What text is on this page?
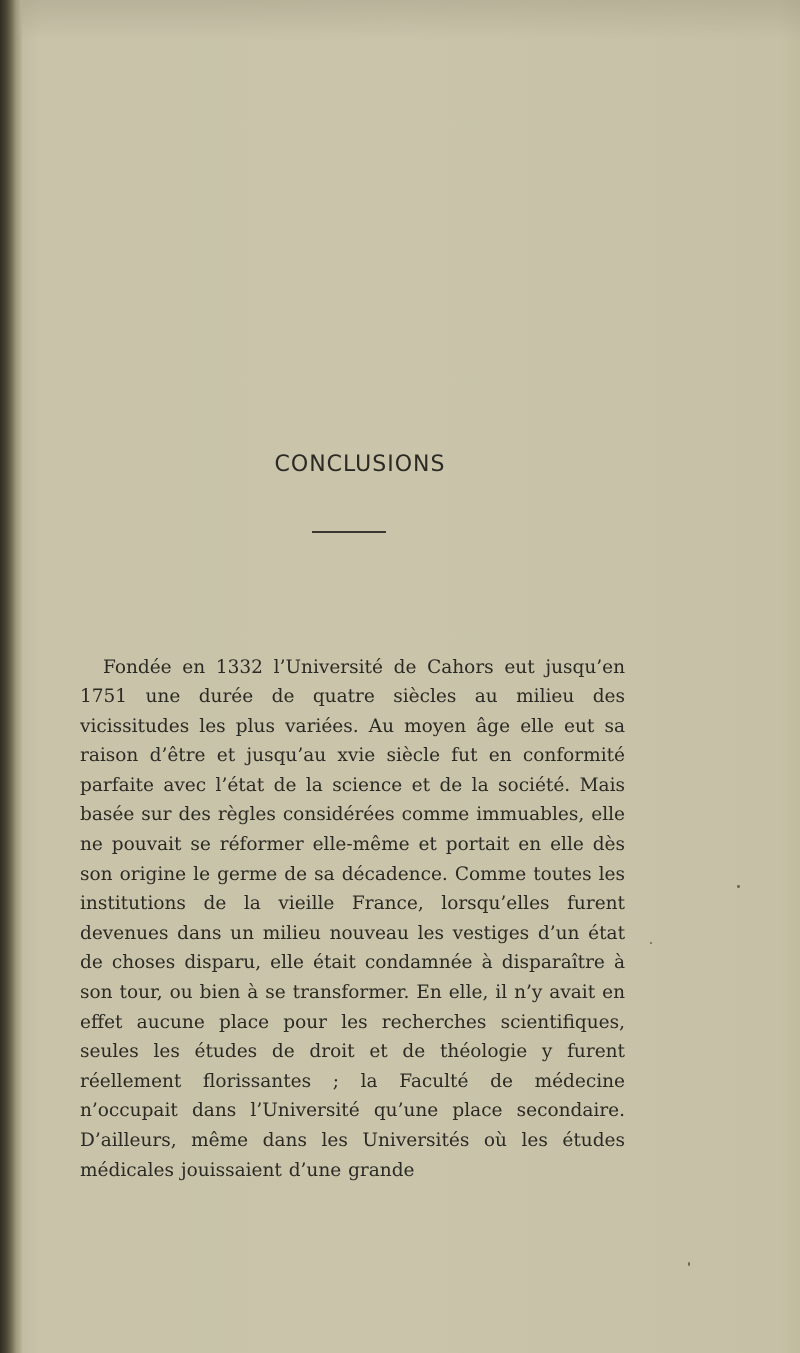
CONCLUSIONS

Fondée en 1332 l’Université de Cahors eut jusqu’en 1751 une durée de quatre siècles au milieu des vicissitudes les plus variées. Au moyen âge elle eut sa raison d’être et jusqu’au xvie siècle fut en conformité parfaite avec l’état de la science et de la société. Mais basée sur des règles considérées comme immuables, elle ne pouvait se réformer elle-même et portait en elle dès son origine le germe de sa décadence. Comme toutes les institutions de la vieille France, lorsqu’elles furent devenues dans un milieu nouveau les vestiges d’un état de choses disparu, elle était condamnée à disparaître à son tour, ou bien à se transformer. En elle, il n’y avait en effet aucune place pour les recherches scientifiques, seules les études de droit et de théologie y furent réellement florissantes ; la Faculté de médecine n’occupait dans l’Université qu’une place secondaire. D’ailleurs, même dans les Universités où les études médicales jouissaient d’une grande
